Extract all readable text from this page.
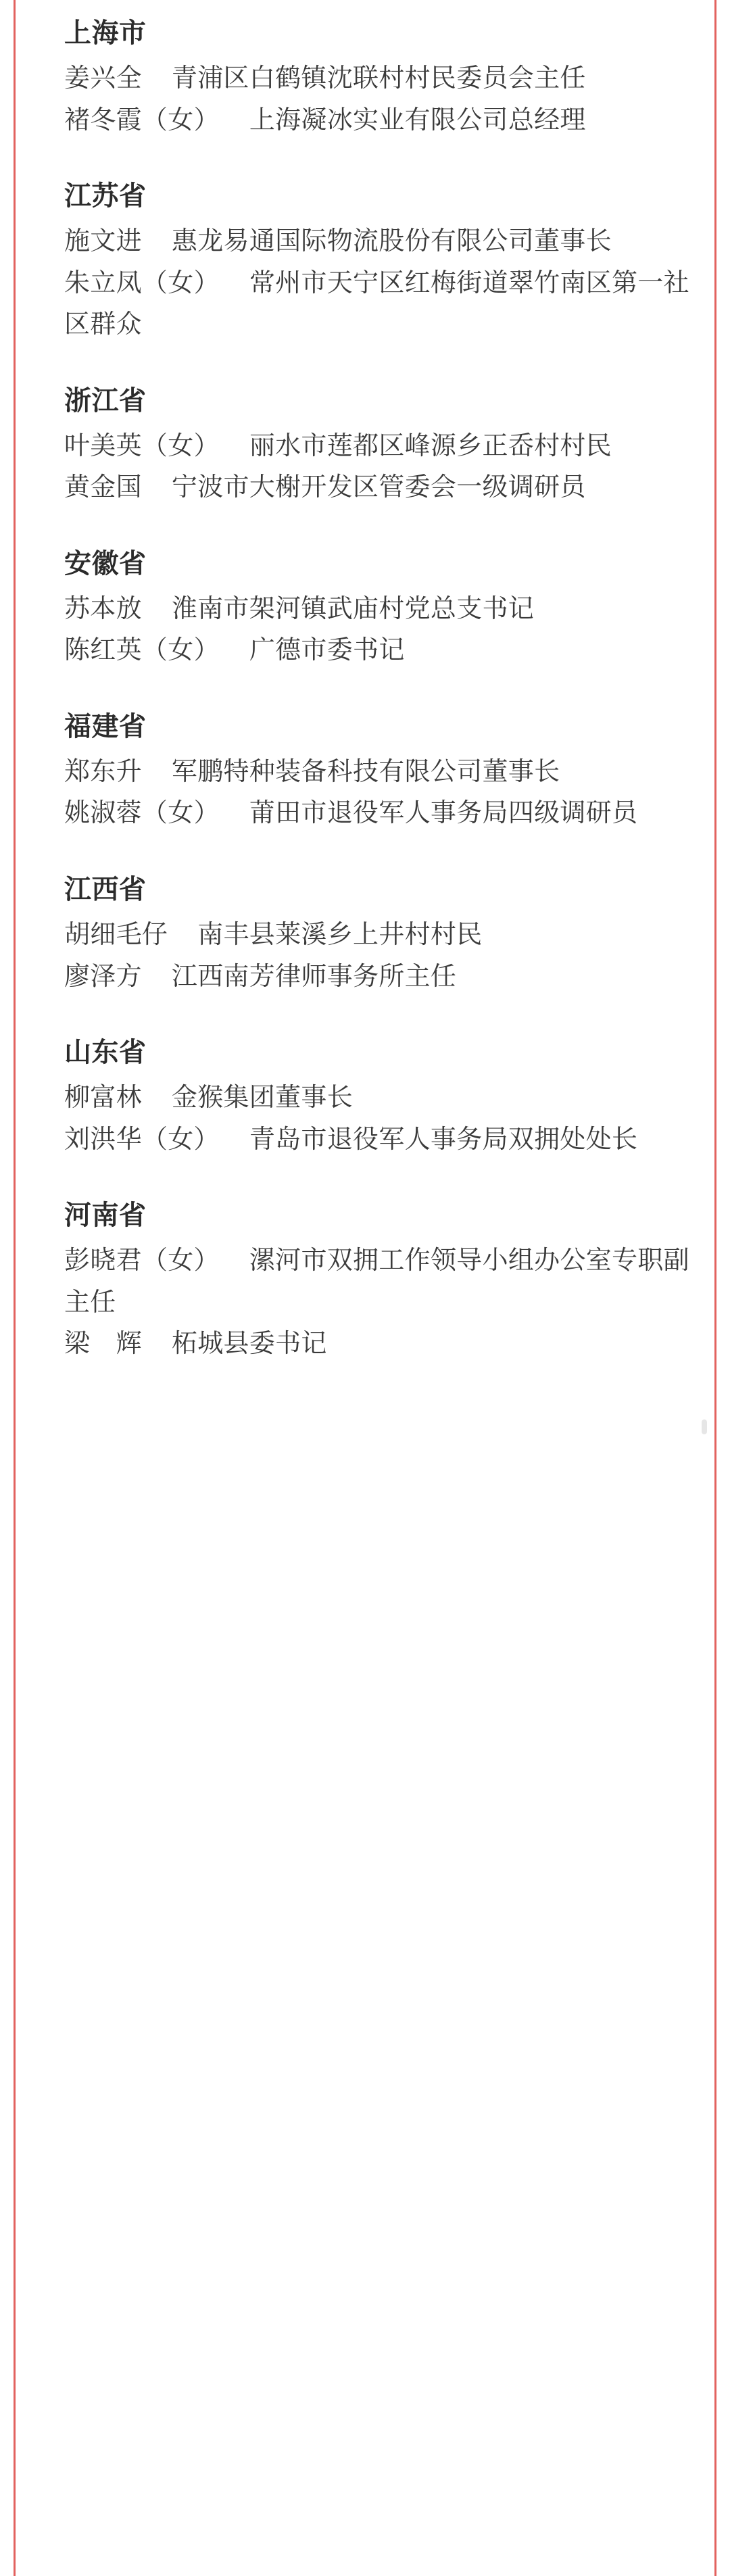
上海市

姜兴全 青浦区白鹤镇沈联村村民委员会主任

褚冬霞（女） 上海凝冰实业有限公司总经理

江苏省

施文进 惠龙易通国际物流股份有限公司董事长

朱立凤（女） 常州市天宁区红梅街道翠竹南区第一社区群众

浙江省

叶美英（女） 丽水市莲都区峰源乡正岙村村民

黄金国 宁波市大榭开发区管委会一级调研员

安徽省

苏本放 淮南市架河镇武庙村党总支书记

陈红英（女） 广德市委书记

福建省

郑东升 军鹏特种装备科技有限公司董事长

姚淑蓉（女） 莆田市退役军人事务局四级调研员

江西省

胡细毛仔 南丰县莱溪乡上井村村民

廖泽方 江西南芳律师事务所主任

山东省

柳富林 金猴集团董事长

刘洪华（女） 青岛市退役军人事务局双拥处处长

河南省

彭晓君（女） 漯河市双拥工作领导小组办公室专职副主任

梁　辉 柘城县委书记
